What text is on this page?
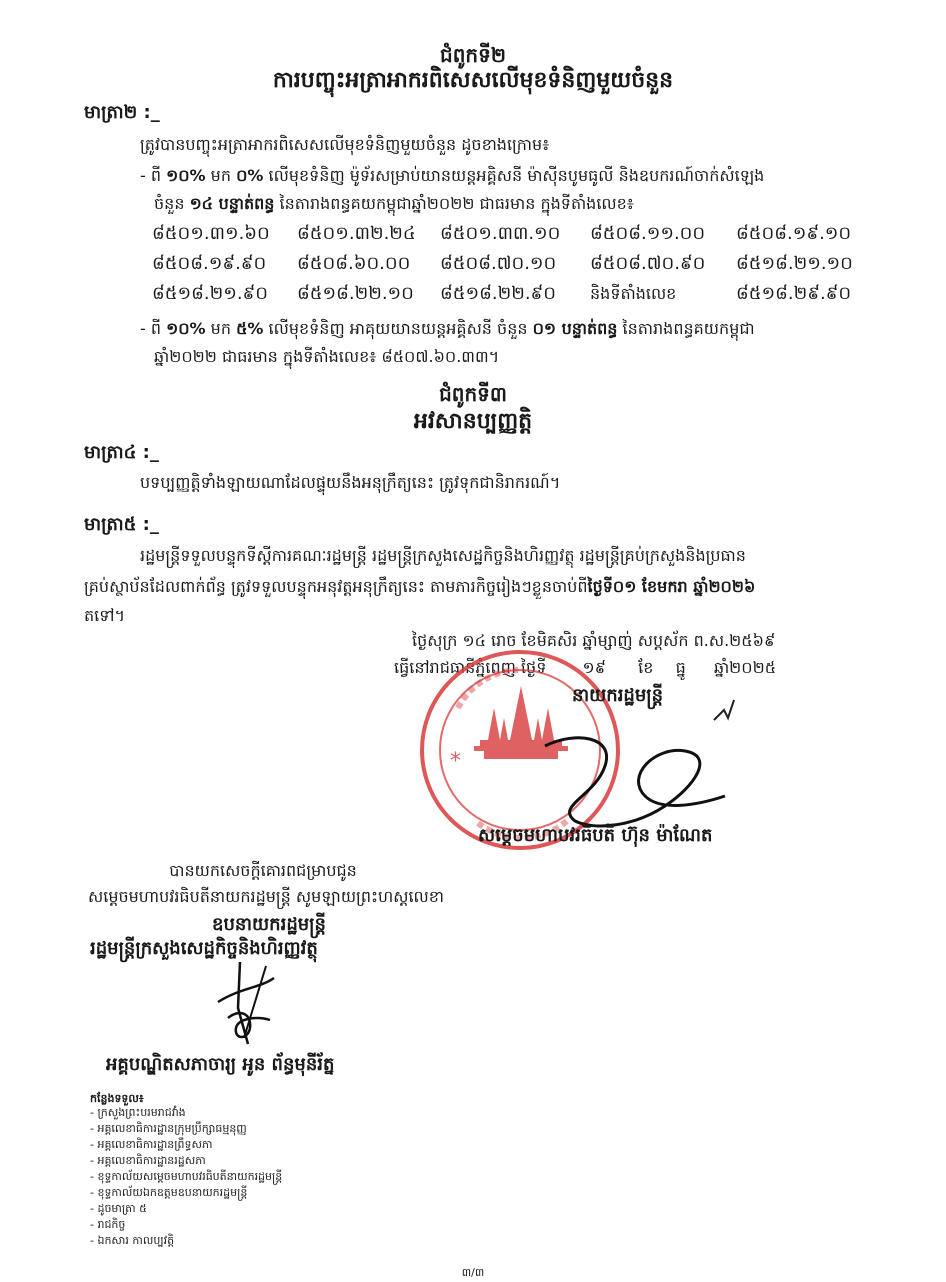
ជំពូកទី២
ការបញ្ចុះអត្រាអាករពិសេសលើមុខទំនិញមួយចំនួន
មាត្រា២ :_
ត្រូវបានបញ្ចុះអត្រាអាករពិសេសលើមុខទំនិញមួយចំនួន ដូចខាងក្រោម៖
- ពី ១០% មក ០% លើមុខទំនិញ ម៉ូទ័រសម្រាប់យានយន្តអគ្គិសនី ម៉ាស៊ីនបូមធូលី និងឧបករណ៍ចាក់សំឡេង
ចំនួន ១៤ បន្ទាត់ពន្ធ នៃតារាងពន្ធគយកម្ពុជាឆ្នាំ២០២២ ជាធរមាន ក្នុងទីតាំងលេខ៖
៨៥០១.៣១.៦០ ៨៥០១.៣២.២៤ ៨៥០១.៣៣.១០ ៨៥០៨.១១.០០ ៨៥០៨.១៩.១០
៨៥០៨.១៩.៩០ ៨៥០៨.៦០.០០ ៨៥០៨.៧០.១០ ៨៥០៨.៧០.៩០ ៨៥១៨.២១.១០
៨៥១៨.២១.៩០ ៨៥១៨.២២.១០ ៨៥១៨.២២.៩០ និងទីតាំងលេខ	៨៥១៨.២៩.៩០
- ពី ១០% មក ៥% លើមុខទំនិញ អាគុយយានយន្តអគ្គិសនី ចំនួន ០១ បន្ទាត់ពន្ធ នៃតារាងពន្ធគយកម្ពុជា
ឆ្នាំ២០២២ ជាធរមាន ក្នុងទីតាំងលេខ៖ ៨៥០៧.៦០.៣៣។
ជំពូកទី៣
អវសានប្បញ្ញត្តិ
មាត្រា៤ :_
បទប្បញ្ញត្តិទាំងឡាយណាដែលផ្ទុយនឹងអនុក្រឹត្យនេះ ត្រូវទុកជានិរាករណ៍។
មាត្រា៥ :_
រដ្ឋមន្ត្រីទទួលបន្ទុកទីស្តីការគណៈរដ្ឋមន្ត្រី រដ្ឋមន្ត្រីក្រសួងសេដ្ឋកិច្ចនិងហិរញ្ញវត្ថុ រដ្ឋមន្ត្រីគ្រប់ក្រសួងនិងប្រធាន
គ្រប់ស្ថាប័នដែលពាក់ព័ន្ធ ត្រូវទទួលបន្ទុកអនុវត្តអនុក្រឹត្យនេះ តាមភារកិច្ចរៀងៗខ្លួនចាប់ពីថ្ងៃទី០១ ខែមករា ឆ្នាំ២០២៦
តទៅ។
ថ្ងៃសុក្រ ១៤ រោច ខែមិគសិរ ឆ្នាំម្សាញ់ សប្តស័ក ព.ស.២៥៦៩
ធ្វើនៅរាជធានីភ្នំពេញ ថ្ងៃទី ១៩ ខែ ធ្នូ ឆ្នាំ២០២៥
*
នាយករដ្ឋមន្ត្រី
សម្តេចមហាបវរធិបតី ហ៊ុន ម៉ាណែត
បានយកសេចក្តីគោរពជម្រាបជូន
សម្តេចមហាបវរធិបតីនាយករដ្ឋមន្ត្រី សូមឡាយព្រះហស្តលេខា
ឧបនាយករដ្ឋមន្ត្រី
រដ្ឋមន្ត្រីក្រសួងសេដ្ឋកិច្ចនិងហិរញ្ញវត្ថុ
អគ្គបណ្ឌិតសភាចារ្យ អូន ព័ន្ធមុនីរ័ត្ន
កន្លែងទទួល៖
- ក្រសួងព្រះបរមរាជវាំង
- អគ្គលេខាធិការដ្ឋានក្រុមប្រឹក្សាធម្មនុញ្ញ
- អគ្គលេខាធិការដ្ឋានព្រឹទ្ធសភា
- អគ្គលេខាធិការដ្ឋានរដ្ឋសភា
- ខុទ្ទកាល័យសម្តេចមហាបវរធិបតីនាយករដ្ឋមន្ត្រី
- ខុទ្ទកាល័យឯកឧត្តមឧបនាយករដ្ឋមន្ត្រី
- ដូចមាត្រា ៥
- រាជកិច្ច
- ឯកសារ កាលប្បវត្តិ
៣/៣
